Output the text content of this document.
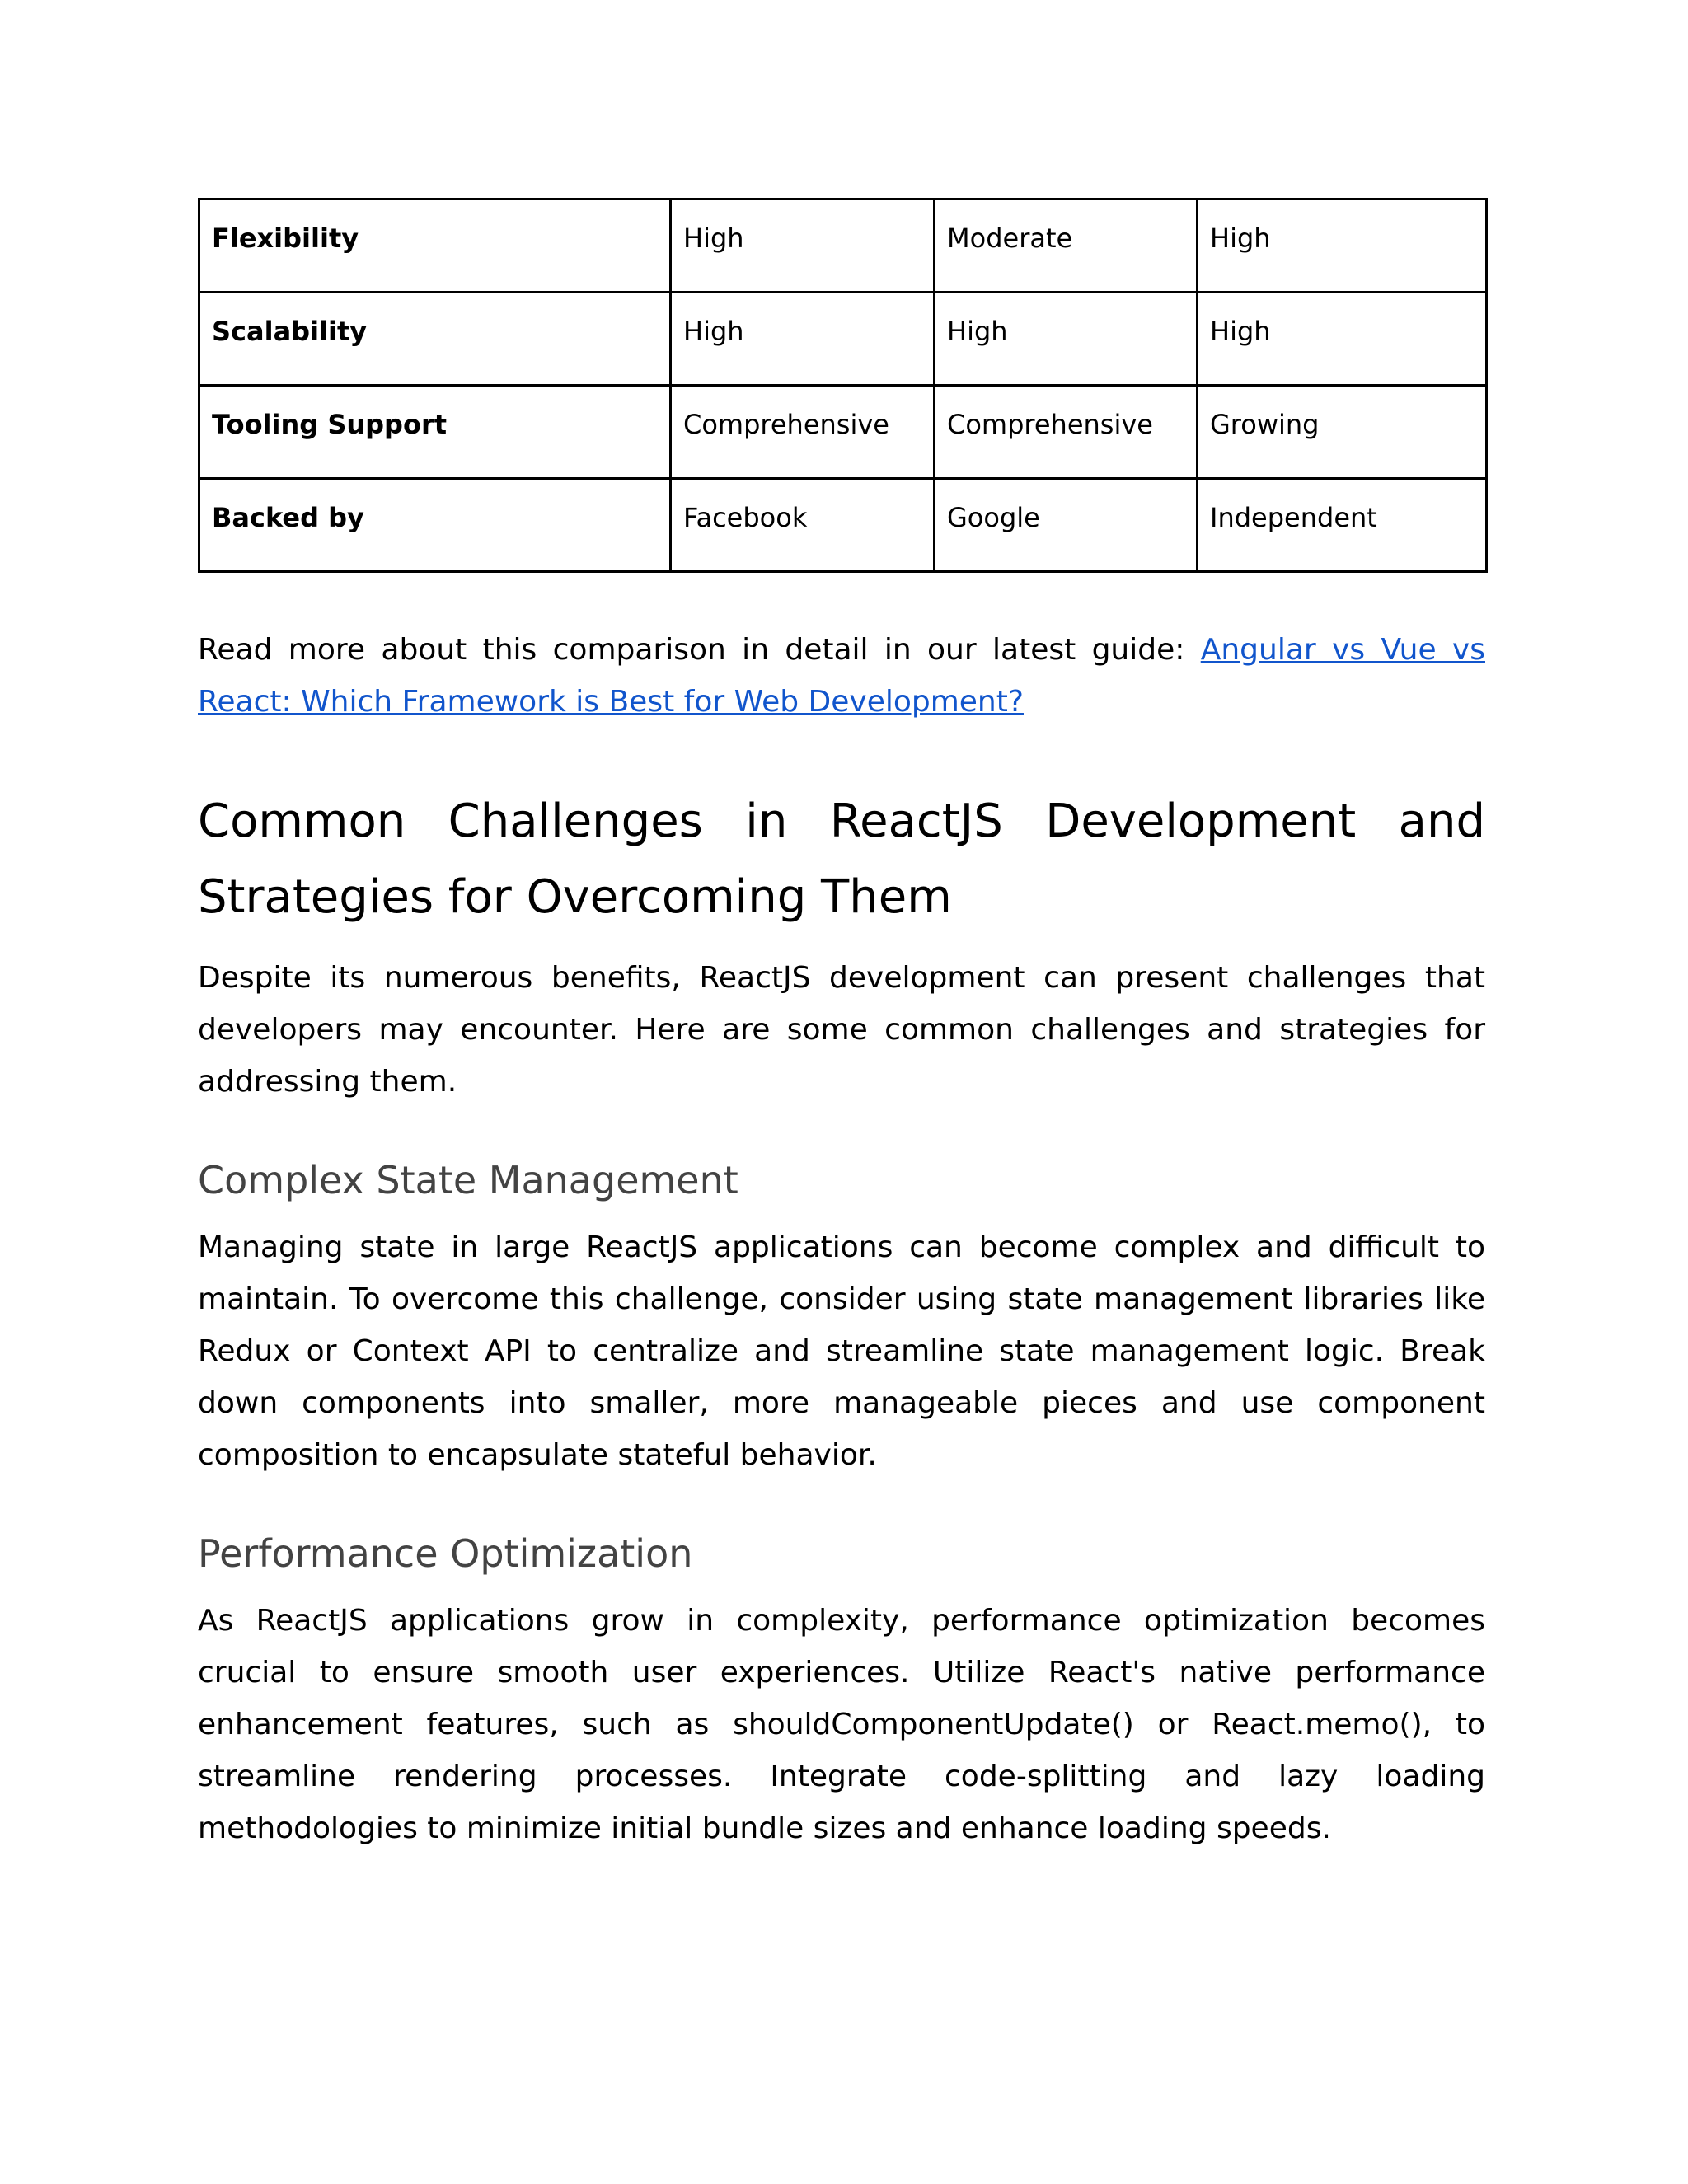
Flexibility	High	Moderate	High
Scalability	High	High	High
Tooling Support	Comprehensive	Comprehensive	Growing
Backed by	Facebook	Google	Independent

Read more about this comparison in detail in our latest guide: Angular vs Vue vs React: Which Framework is Best for Web Development?

Common Challenges in ReactJS Development and Strategies for Overcoming Them

Despite its numerous benefits, ReactJS development can present challenges that developers may encounter. Here are some common challenges and strategies for addressing them.

Complex State Management

Managing state in large ReactJS applications can become complex and difficult to maintain. To overcome this challenge, consider using state management libraries like Redux or Context API to centralize and streamline state management logic. Break down components into smaller, more manageable pieces and use component composition to encapsulate stateful behavior.

Performance Optimization

As ReactJS applications grow in complexity, performance optimization becomes crucial to ensure smooth user experiences. Utilize React's native performance enhancement features, such as shouldComponentUpdate() or React.memo(), to streamline rendering processes. Integrate code-splitting and lazy loading methodologies to minimize initial bundle sizes and enhance loading speeds.
